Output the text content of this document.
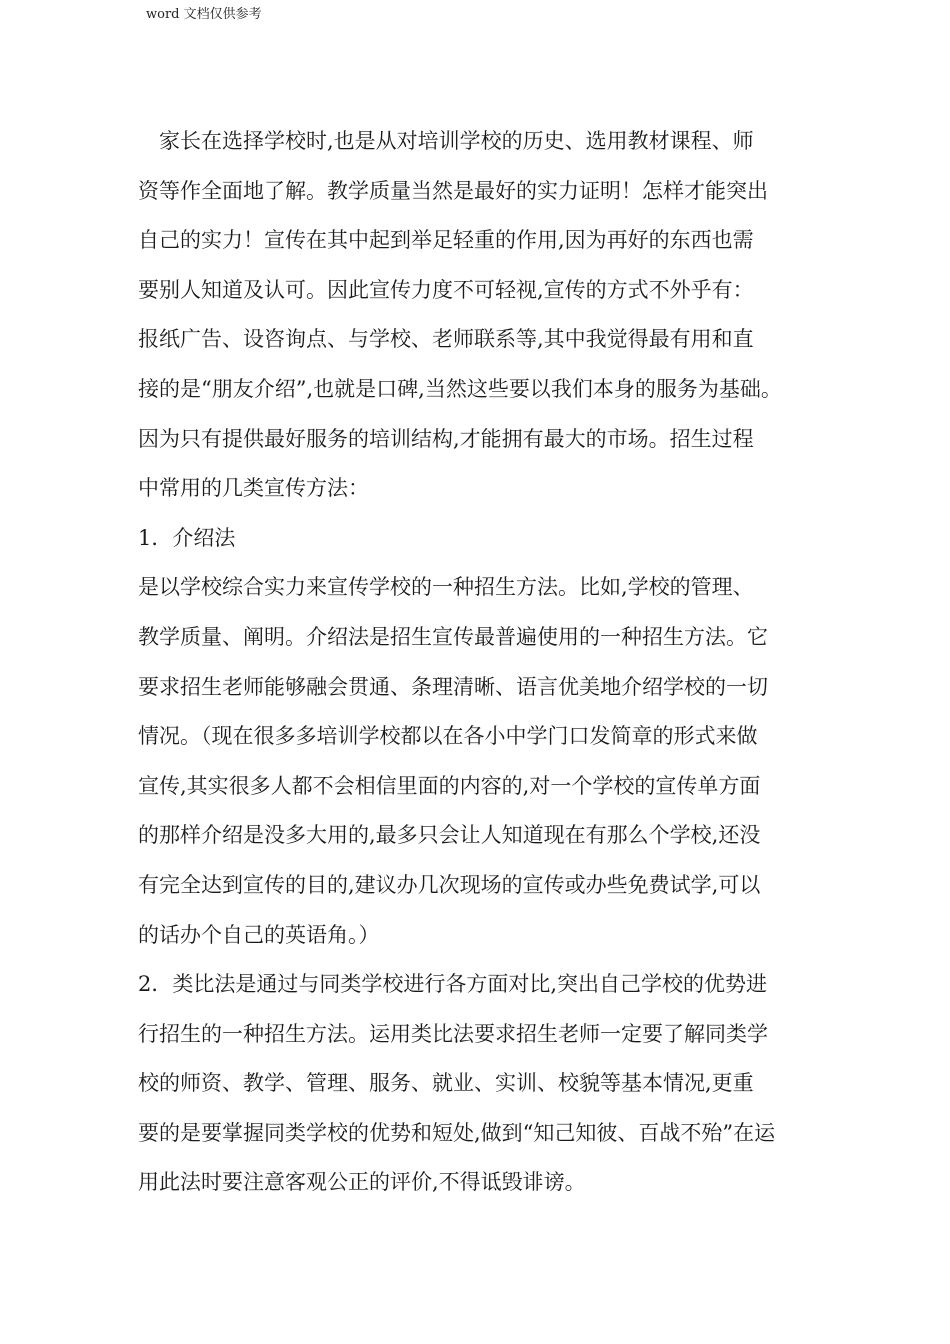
word 文档仅供参考
　家长在选择学校时,也是从对培训学校的历史、选用教材课程、师
资等作全面地了解。教学质量当然是最好的实力证明！怎样才能突出
自己的实力！宣传在其中起到举足轻重的作用,因为再好的东西也需
要别人知道及认可。因此宣传力度不可轻视,宣传的方式不外乎有：
报纸广告、设咨询点、与学校、老师联系等,其中我觉得最有用和直
接的是“朋友介绍”,也就是口碑,当然这些要以我们本身的服务为基础。
因为只有提供最好服务的培训结构,才能拥有最大的市场。招生过程
中常用的几类宣传方法：
1．介绍法
是以学校综合实力来宣传学校的一种招生方法。比如,学校的管理、
教学质量、阐明。介绍法是招生宣传最普遍使用的一种招生方法。它
要求招生老师能够融会贯通、条理清晰、语言优美地介绍学校的一切
情况。（现在很多多培训学校都以在各小中学门口发简章的形式来做
宣传,其实很多人都不会相信里面的内容的,对一个学校的宣传单方面
的那样介绍是没多大用的,最多只会让人知道现在有那么个学校,还没
有完全达到宣传的目的,建议办几次现场的宣传或办些免费试学,可以
的话办个自己的英语角。）
2．类比法是通过与同类学校进行各方面对比,突出自己学校的优势进
行招生的一种招生方法。运用类比法要求招生老师一定要了解同类学
校的师资、教学、管理、服务、就业、实训、校貌等基本情况,更重
要的是要掌握同类学校的优势和短处,做到“知己知彼、百战不殆”在运
用此法时要注意客观公正的评价,不得诋毁诽谤。
